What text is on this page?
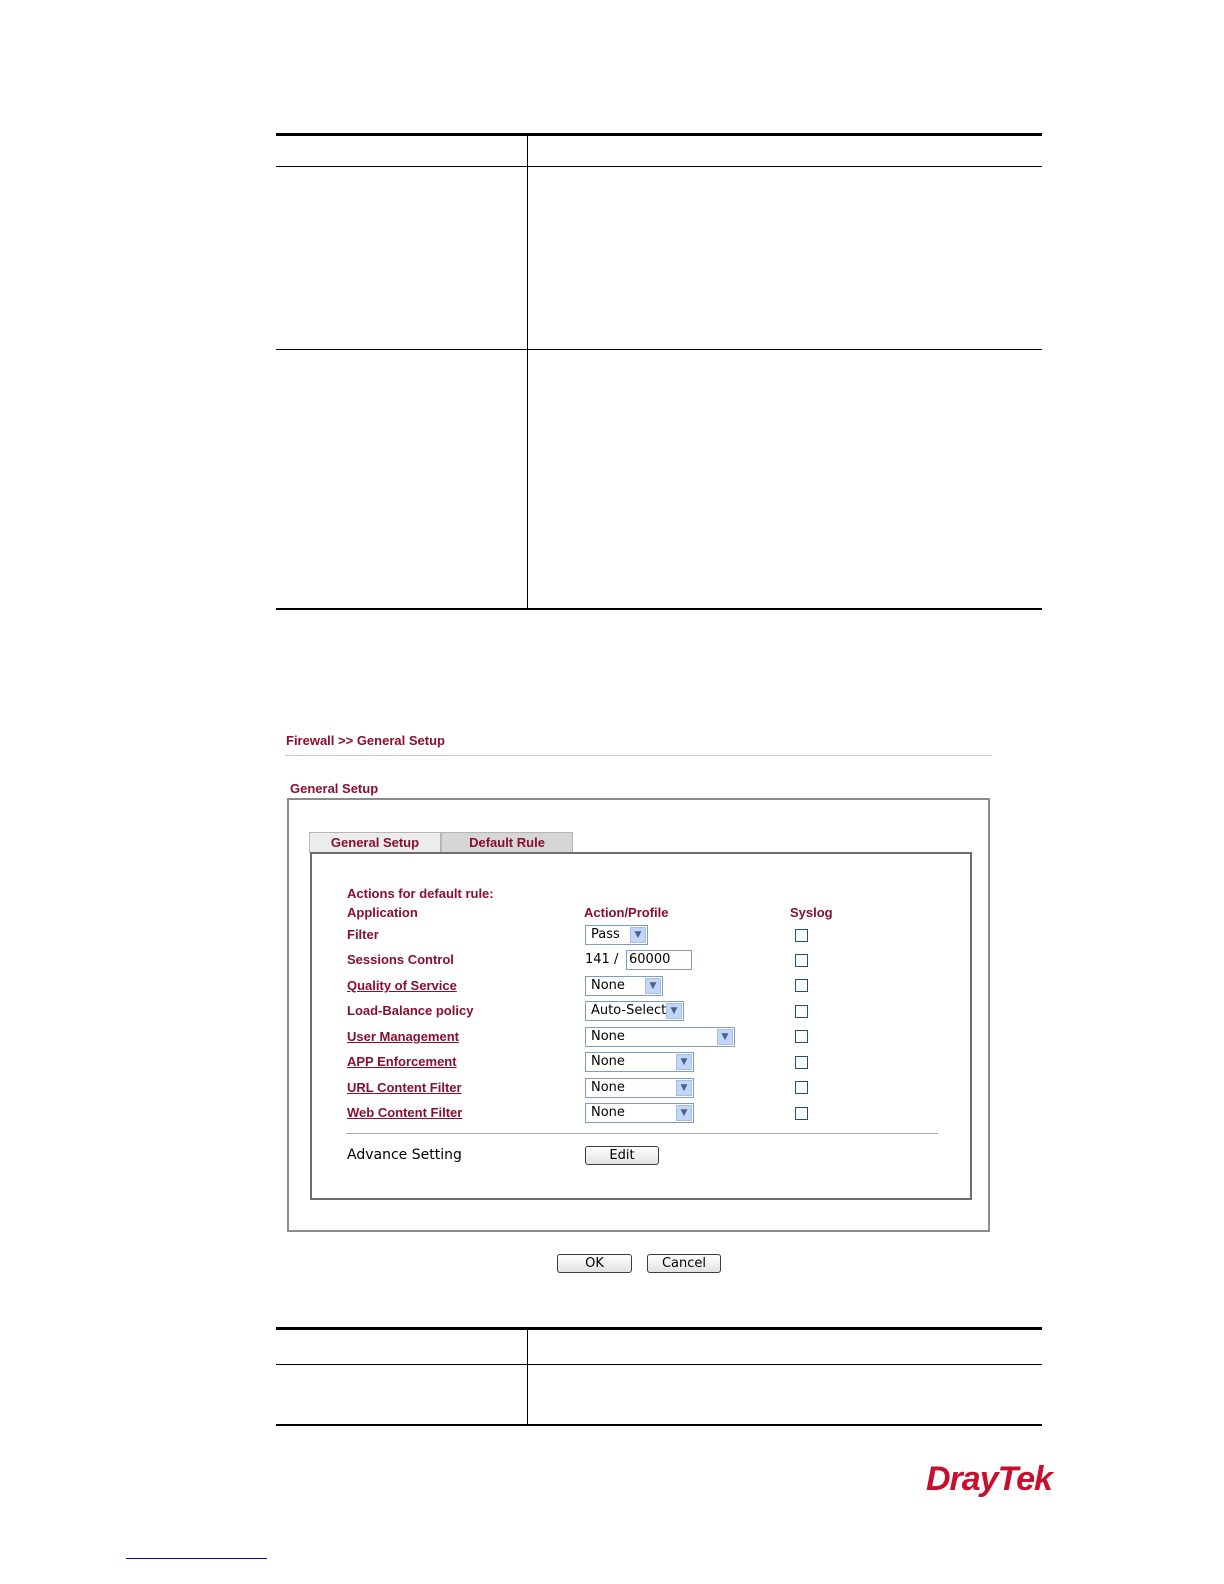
Firewall >> General Setup
General Setup
General Setup	Default Rule
Actions for default rule:
Application	Action/Profile	Syslog
Filter	Pass	▼
Sessions Control	141 / 60000
Quality of Service	None	▼
Load-Balance policy	Auto-Select ▼
User Management	None	▼
APP Enforcement	None	▼
URL Content Filter	None	▼
Web Content Filter	None	▼
Advance Setting	Edit
OK	Cancel
DrayTek
